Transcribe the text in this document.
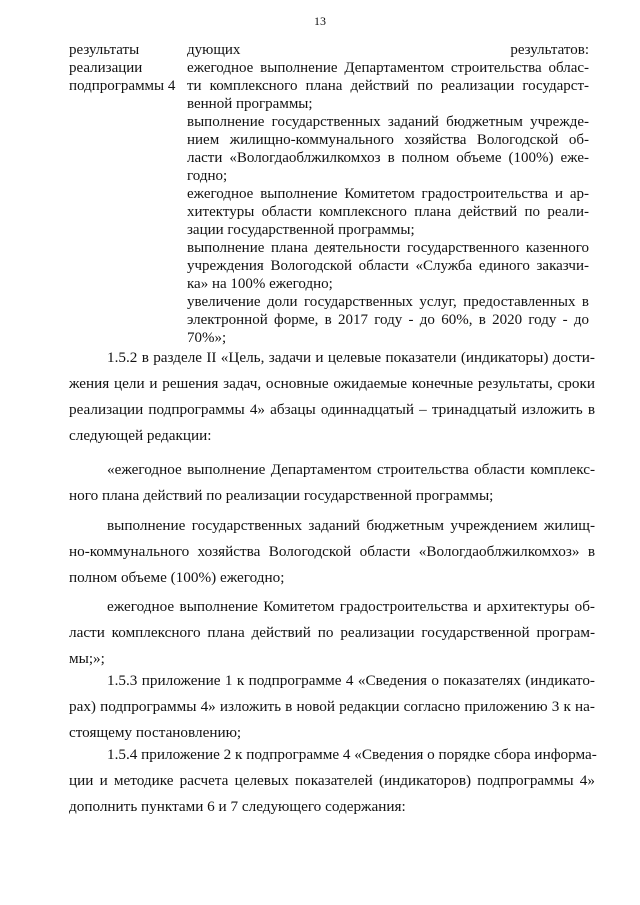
13
результаты
реализации
подпрограммы 4
дующих результатов:
ежегодное выполнение Департаментом строительства облас-
ти комплексного плана действий по реализации государст-
венной программы;
выполнение государственных заданий бюджетным учрежде-
нием жилищно-коммунального хозяйства Вологодской об-
ласти «Вологдаоблжилкомхоз в полном объеме (100%) еже-
годно;
ежегодное выполнение Комитетом градостроительства и ар-
хитектуры области комплексного плана действий по реали-
зации государственной программы;
выполнение плана деятельности государственного казенного
учреждения Вологодской области «Служба единого заказчи-
ка» на 100% ежегодно;
увеличение доли государственных услуг, предоставленных в
электронной форме, в 2017 году - до 60%, в 2020 году - до
70%»;
1.5.2 в разделе II «Цель, задачи и целевые показатели (индикаторы) дости-
жения цели и решения задач, основные ожидаемые конечные результаты, сроки
реализации подпрограммы 4» абзацы одиннадцатый – тринадцатый изложить в
следующей редакции:
«ежегодное выполнение Департаментом строительства области комплекс-
ного плана действий по реализации государственной программы;
выполнение государственных заданий бюджетным учреждением жилищ-
но-коммунального хозяйства Вологодской области «Вологдаоблжилкомхоз» в
полном объеме (100%) ежегодно;
ежегодное выполнение Комитетом градостроительства и архитектуры об-
ласти комплексного плана действий по реализации государственной програм-
мы;»;
1.5.3 приложение 1 к подпрограмме 4 «Сведения о показателях (индикато-
рах) подпрограммы 4» изложить в новой редакции согласно приложению 3 к на-
стоящему постановлению;
1.5.4 приложение 2 к подпрограмме 4 «Сведения о порядке сбора информа-
ции и методике расчета целевых показателей (индикаторов) подпрограммы 4»
дополнить пунктами 6 и 7 следующего содержания:
